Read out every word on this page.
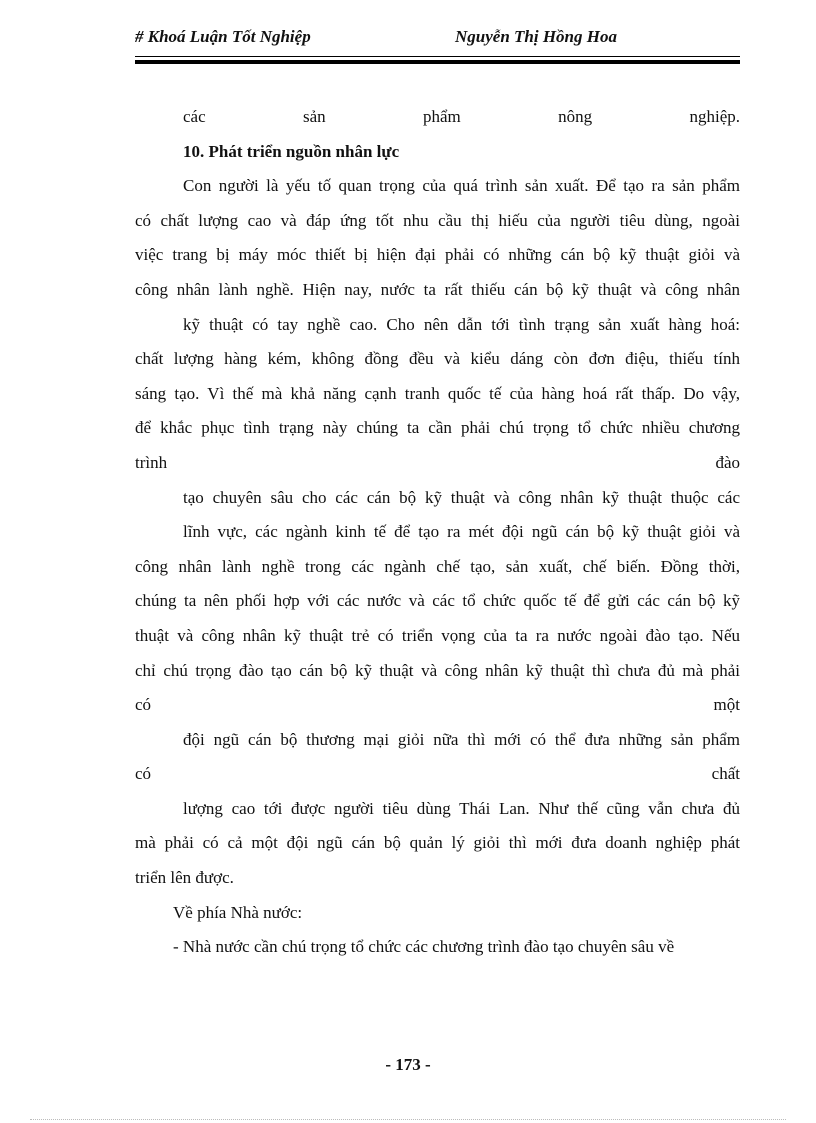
# Khoá Luận Tốt Nghiệp	Nguyễn Thị Hồng Hoa
các sản phẩm nông nghiệp.
10. Phát triển nguồn nhân lực
Con người là yếu tố quan trọng của quá trình sản xuất. Để tạo ra sản phẩm
có chất lượng cao và đáp ứng tốt nhu cầu thị hiếu của người tiêu dùng, ngoài
việc trang bị máy móc thiết bị hiện đại phải có những cán bộ kỹ thuật giỏi và
công nhân lành nghề. Hiện nay, nước ta rất thiếu cán bộ kỹ thuật và công nhân
kỹ thuật có tay nghề cao. Cho nên dẫn tới tình trạng sản xuất hàng hoá:
chất lượng hàng kém, không đồng đều và kiểu dáng còn đơn điệu, thiếu tính
sáng tạo. Vì thế mà khả năng cạnh tranh quốc tế của hàng hoá rất thấp. Do vậy,
để khắc phục tình trạng này chúng ta cần phải chú trọng tổ chức nhiều chương
trình đào
tạo chuyên sâu cho các cán bộ kỹ thuật và công nhân kỹ thuật thuộc các
lĩnh vực, các ngành kinh tế để tạo ra mét đội ngũ cán bộ kỹ thuật giỏi và
công nhân lành nghề trong các ngành chế tạo, sản xuất, chế biến. Đồng thời,
chúng ta nên phối hợp với các nước và các tổ chức quốc tế để gửi các cán bộ kỹ
thuật và công nhân kỹ thuật trẻ có triển vọng của ta ra nước ngoài đào tạo. Nếu
chỉ chú trọng đào tạo cán bộ kỹ thuật và công nhân kỹ thuật thì chưa đủ mà phải
có một
đội ngũ cán bộ thương mại giỏi nữa thì mới có thể đưa những sản phẩm
có chất
lượng cao tới được người tiêu dùng Thái Lan. Như thế cũng vẫn chưa đủ
mà phải có cả một đội ngũ cán bộ quản lý giỏi thì mới đưa doanh nghiệp phát
triển lên được.
Về phía Nhà nước:
- Nhà nước cần chú trọng tổ chức các chương trình đào tạo chuyên sâu về
- 173 -
